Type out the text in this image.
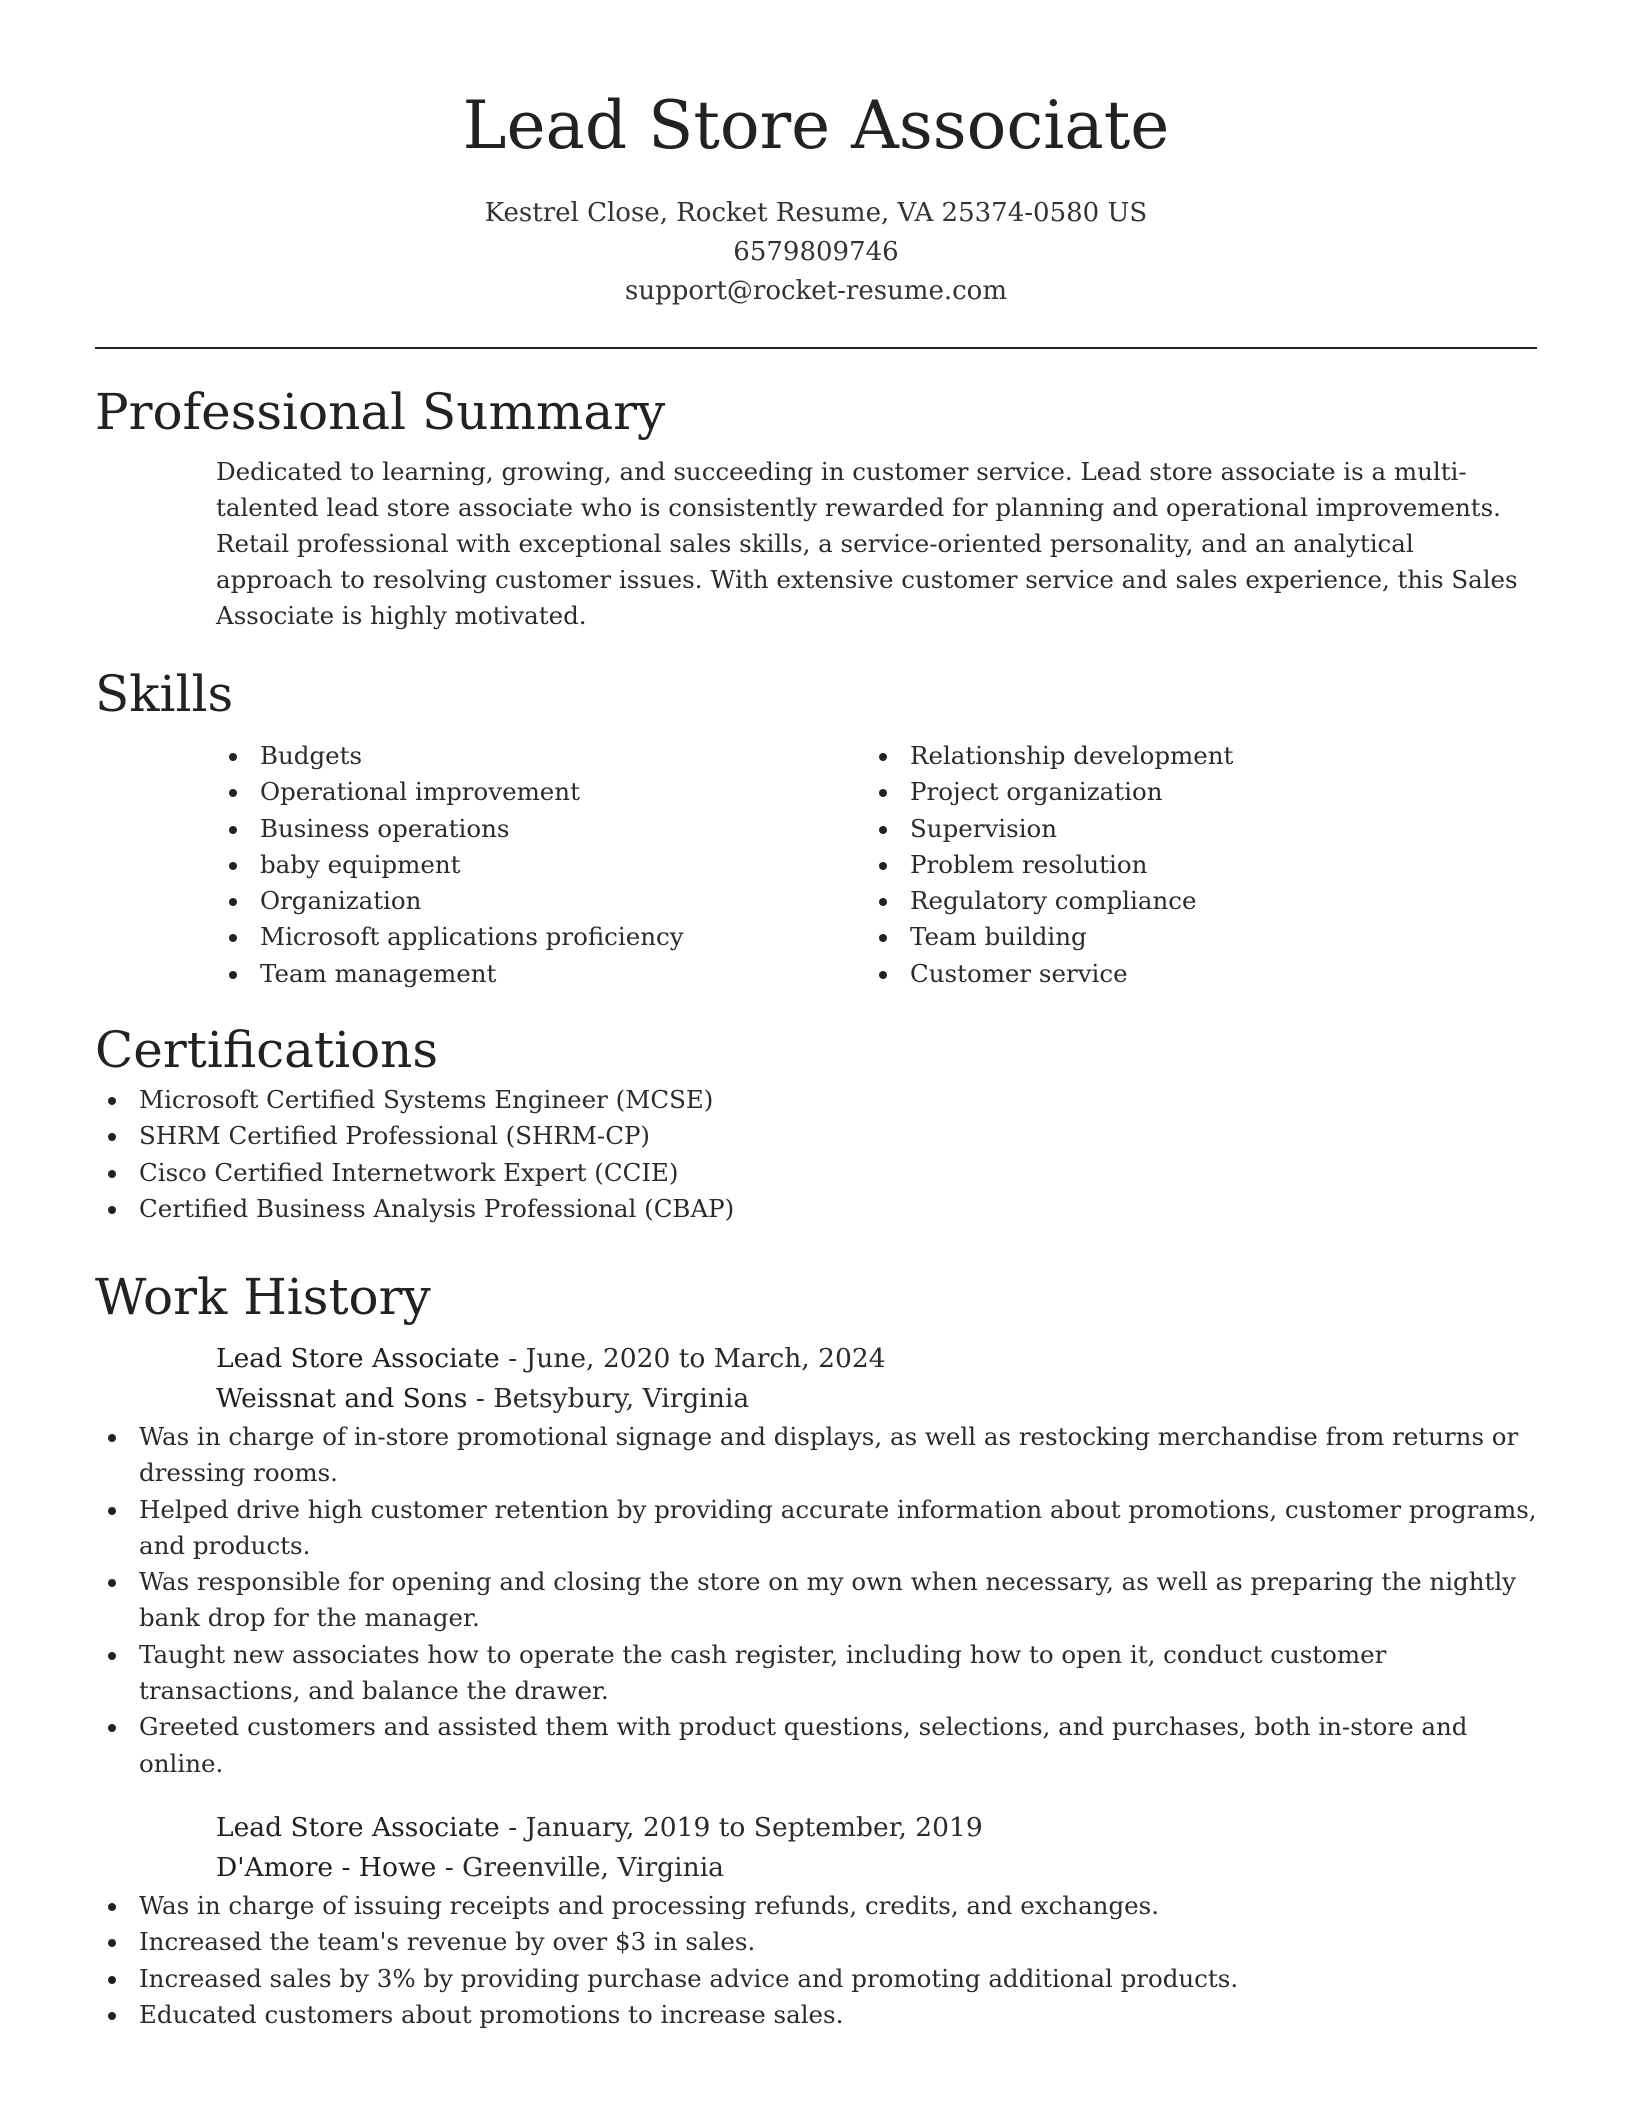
Lead Store Associate
Kestrel Close, Rocket Resume, VA 25374-0580 US
6579809746
support@rocket-resume.com
Professional Summary

Dedicated to learning, growing, and succeeding in customer service. Lead store associate is a multi-talented lead store associate who is consistently rewarded for planning and operational improvements. Retail professional with exceptional sales skills, a service-oriented personality, and an analytical approach to resolving customer issues. With extensive customer service and sales experience, this Sales Associate is highly motivated.

Skills
Budgets
Operational improvement
Business operations
baby equipment
Organization
Microsoft applications proficiency
Team management
Relationship development
Project organization
Supervision
Problem resolution
Regulatory compliance
Team building
Customer service
Certifications
Microsoft Certified Systems Engineer (MCSE)
SHRM Certified Professional (SHRM-CP)
Cisco Certified Internetwork Expert (CCIE)
Certified Business Analysis Professional (CBAP)
Work History
Lead Store Associate - June, 2020 to March, 2024
Weissnat and Sons - Betsybury, Virginia
Was in charge of in-store promotional signage and displays, as well as restocking merchandise from returns or dressing rooms.
Helped drive high customer retention by providing accurate information about promotions, customer programs, and products.
Was responsible for opening and closing the store on my own when necessary, as well as preparing the nightly bank drop for the manager.
Taught new associates how to operate the cash register, including how to open it, conduct customer transactions, and balance the drawer.
Greeted customers and assisted them with product questions, selections, and purchases, both in-store and online.
Lead Store Associate - January, 2019 to September, 2019
D'Amore - Howe - Greenville, Virginia
Was in charge of issuing receipts and processing refunds, credits, and exchanges.
Increased the team's revenue by over $3 in sales.
Increased sales by 3% by providing purchase advice and promoting additional products.
Educated customers about promotions to increase sales.
